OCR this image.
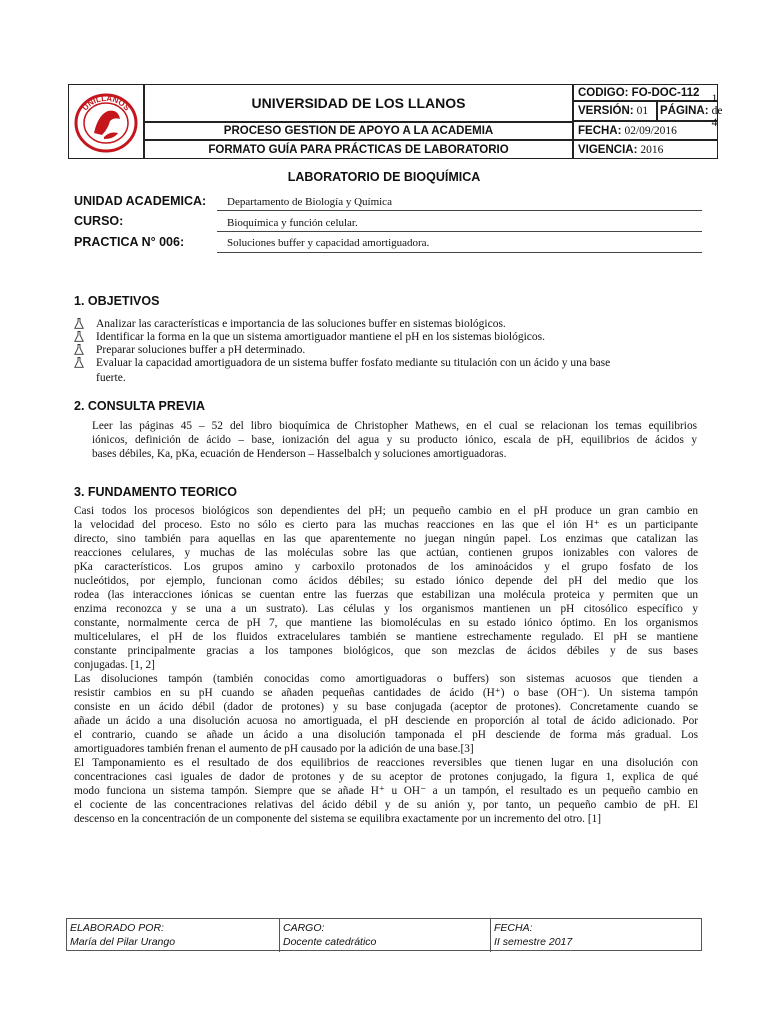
UNILLANOS	UNIVERSIDAD DE LOS LLANOS
PROCESO GESTION DE APOYO A LA ACADEMIA
FORMATO GUÍA PARA PRÁCTICAS DE LABORATORIO
CODIGO: FO-DOC-112
VERSIÓN: 01 PÁGINA:
1 de 4
FECHA: 02/09/2016
VIGENCIA: 2016
LABORATORIO DE BIOQUÍMICA
UNIDAD ACADEMICA: Departamento de Biología y Química
CURSO:	Bioquímica y función celular.
PRACTICA N° 006:	Soluciones buffer y capacidad amortiguadora.
1. OBJETIVOS
Analizar las características e importancia de las soluciones buffer en sistemas biológicos.
Identificar la forma en la que un sistema amortiguador mantiene el pH en los sistemas biológicos.
Preparar soluciones buffer a pH determinado.
Evaluar la capacidad amortiguadora de un sistema buffer fosfato mediante su titulación con un ácido y una base
fuerte.
2. CONSULTA PREVIA
Leer las páginas 45 – 52 del libro bioquímica de Christopher Mathews, en el cual se relacionan los temas equilibrios
iónicos, definición de ácido – base, ionización del agua y su producto iónico, escala de pH, equilibrios de ácidos y
bases débiles, Ka, pKa, ecuación de Henderson – Hasselbalch y soluciones amortiguadoras.
3. FUNDAMENTO TEORICO
Casi todos los procesos biológicos son dependientes del pH; un pequeño cambio en el pH produce un gran cambio en
la velocidad del proceso. Esto no sólo es cierto para las muchas reacciones en las que el ión H⁺ es un participante
directo, sino también para aquellas en las que aparentemente no juegan ningún papel. Los enzimas que catalizan las
reacciones celulares, y muchas de las moléculas sobre las que actúan, contienen grupos ionizables con valores de
pKa característicos. Los grupos amino y carboxilo protonados de los aminoácidos y el grupo fosfato de los
nucleótidos, por ejemplo, funcionan como ácidos débiles; su estado iónico depende del pH del medio que los
rodea (las interacciones iónicas se cuentan entre las fuerzas que estabilizan una molécula proteica y permiten que un
enzima reconozca y se una a un sustrato). Las células y los organismos mantienen un pH citosólico específico y
constante, normalmente cerca de pH 7, que mantiene las biomoléculas en su estado iónico óptimo. En los organismos
multicelulares, el pH de los fluidos extracelulares también se mantiene estrechamente regulado. El pH se mantiene
constante principalmente gracias a los tampones biológicos, que son mezclas de ácidos débiles y de sus bases
conjugadas. [1, 2]
Las disoluciones tampón (también conocidas como amortiguadoras o buffers) son sistemas acuosos que tienden a
resistir cambios en su pH cuando se añaden pequeñas cantidades de ácido (H⁺) o base (OH⁻). Un sistema tampón
consiste en un ácido débil (dador de protones) y su base conjugada (aceptor de protones). Concretamente cuando se
añade un ácido a una disolución acuosa no amortiguada, el pH desciende en proporción al total de ácido adicionado. Por
el contrario, cuando se añade un ácido a una disolución tamponada el pH desciende de forma más gradual. Los
amortiguadores también frenan el aumento de pH causado por la adición de una base.[3]
El Tamponamiento es el resultado de dos equilibrios de reacciones reversibles que tienen lugar en una disolución con
concentraciones casi iguales de dador de protones y de su aceptor de protones conjugado, la figura 1, explica de qué
modo funciona un sistema tampón. Siempre que se añade H⁺ u OH⁻ a un tampón, el resultado es un pequeño cambio en
el cociente de las concentraciones relativas del ácido débil y de su anión y, por tanto, un pequeño cambio de pH. El
descenso en la concentración de un componente del sistema se equilibra exactamente por un incremento del otro. [1]
ELABORADO POR:
María del Pilar Urango
CARGO:
Docente catedrático
FECHA:
II semestre 2017
